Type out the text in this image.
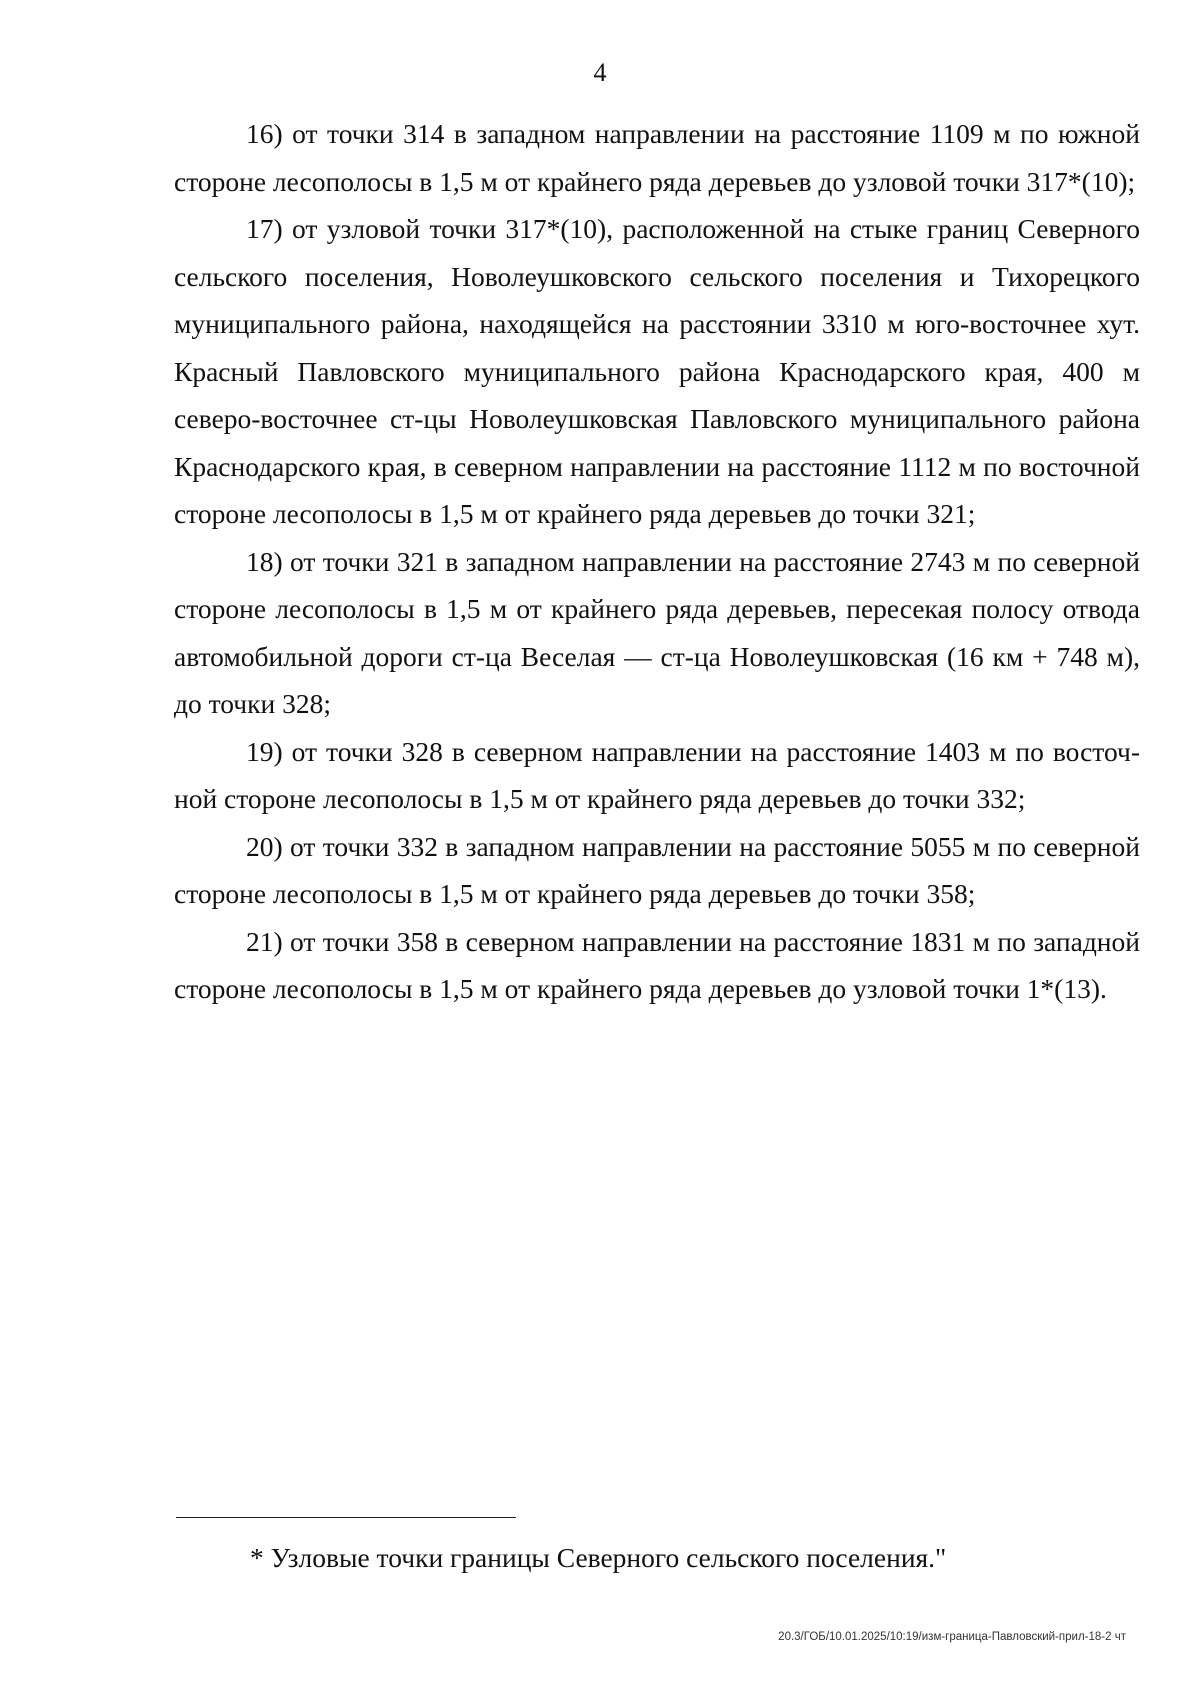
4

16) от точки 314 в западном направлении на расстояние 1109 м по южной стороне лесополосы в 1,5 м от крайнего ряда деревьев до узловой точки 317*(10);

17) от узловой точки 317*(10), расположенной на стыке границ Северного сельского поселения, Новолеушковского сельского поселения и Тихорецкого муниципального района, находящейся на расстоянии 3310 м юго-восточнее хут. Красный Павловского муниципального района Краснодарского края, 400 м северо-восточнее ст-цы Новолеушковская Павловского муниципального района Краснодарского края, в северном направлении на расстояние 1112 м по восточной стороне лесополосы в 1,5 м от крайнего ряда деревьев до точки 321;

18) от точки 321 в западном направлении на расстояние 2743 м по северной стороне лесополосы в 1,5 м от крайнего ряда деревьев, пересекая полосу отвода автомобильной дороги ст-ца Веселая — ст-ца Новолеушковская (16 км + 748 м), до точки 328;

19) от точки 328 в северном направлении на расстояние 1403 м по восточной стороне лесополосы в 1,5 м от крайнего ряда деревьев до точки 332;

20) от точки 332 в западном направлении на расстояние 5055 м по северной стороне лесополосы в 1,5 м от крайнего ряда деревьев до точки 358;

21) от точки 358 в северном направлении на расстояние 1831 м по западной стороне лесополосы в 1,5 м от крайнего ряда деревьев до узловой точки 1*(13).

* Узловые точки границы Северного сельского поселения."
20.3/ГОБ/10.01.2025/10:19/изм-граница-Павловский-прил-18-2 чт
